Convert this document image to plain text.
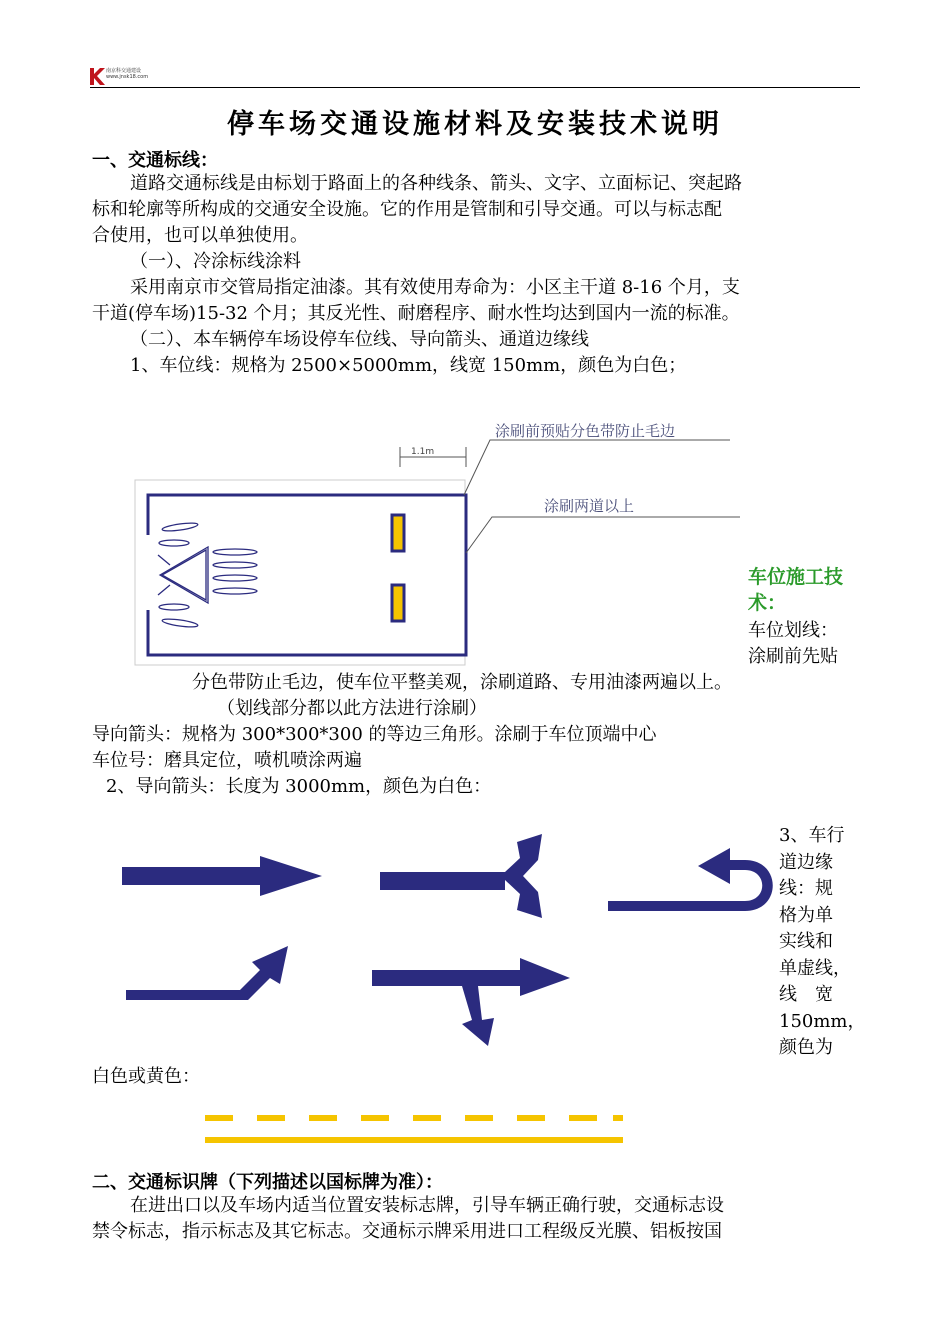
南京科交通建设
www.jnsk18.com
停车场交通设施材料及安装技术说明
一、交通标线：
道路交通标线是由标划于路面上的各种线条、箭头、文字、立面标记、突起路
标和轮廓等所构成的交通安全设施。它的作用是管制和引导交通。可以与标志配
合使用，也可以单独使用。
（一）、冷涂标线涂料
采用南京市交管局指定油漆。其有效使用寿命为：小区主干道 8-16 个月，支
干道(停车场)15-32 个月；其反光性、耐磨程序、耐水性均达到国内一流的标准。
（二）、本车辆停车场设停车位线、导向箭头、通道边缘线
1、车位线：规格为 2500×5000mm，线宽 150mm，颜色为白色；
涂刷前预贴分色带防止毛边
涂刷两道以上
1.1m
车位施工技
术：
车位划线：
涂刷前先贴
分色带防止毛边，使车位平整美观，涂刷道路、专用油漆两遍以上。
（划线部分都以此方法进行涂刷）
导向箭头：规格为 300*300*300 的等边三角形。涂刷于车位顶端中心
车位号：磨具定位，喷机喷涂两遍
2、导向箭头：长度为 3000mm，颜色为白色：
3、车行
道边缘
线：规
格为单
实线和
单虚线，
线　宽
150mm，
颜色为
白色或黄色：
二、交通标识牌（下列描述以国标牌为准）：
在进出口以及车场内适当位置安装标志牌，引导车辆正确行驶，交通标志设
禁令标志，指示标志及其它标志。交通标示牌采用进口工程级反光膜、铝板按国
